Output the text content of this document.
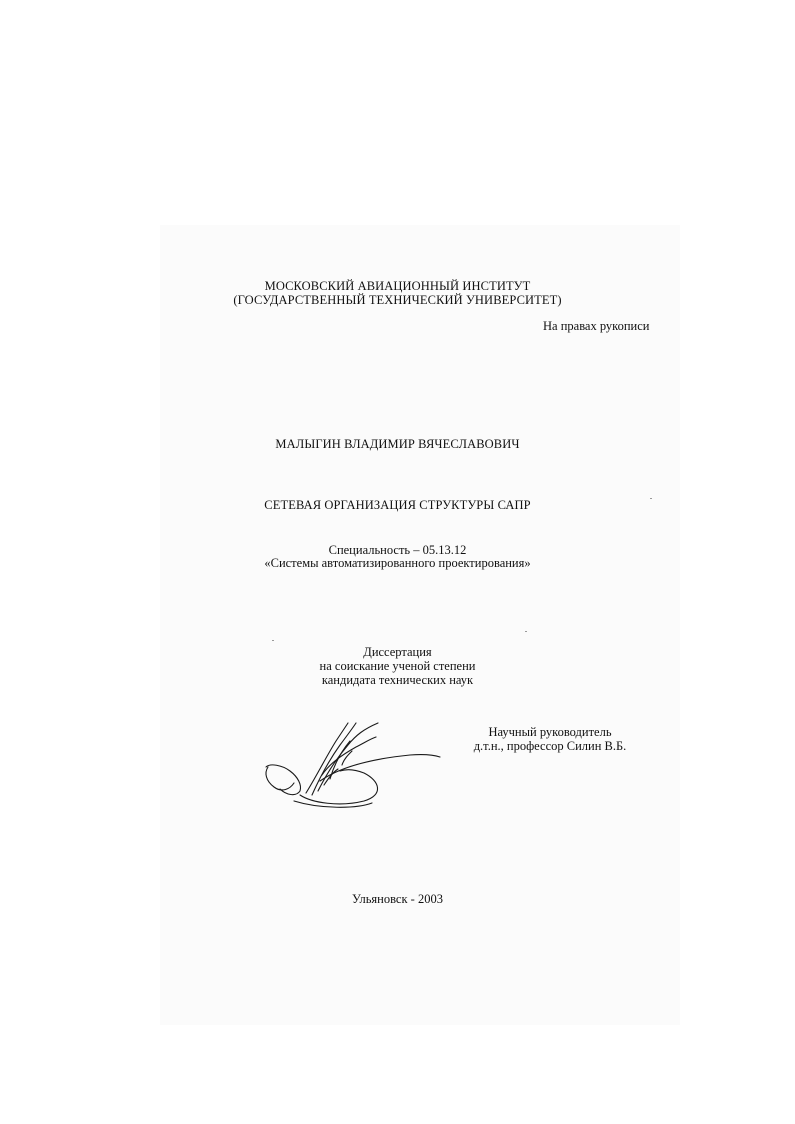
МОСКОВСКИЙ АВИАЦИОННЫЙ ИНСТИТУТ
(ГОСУДАРСТВЕННЫЙ ТЕХНИЧЕСКИЙ УНИВЕРСИТЕТ)
На правах рукописи
МАЛЫГИН ВЛАДИМИР ВЯЧЕСЛАВОВИЧ
СЕТЕВАЯ ОРГАНИЗАЦИЯ СТРУКТУРЫ САПР
Специальность – 05.13.12
«Системы автоматизированного проектирования»
Диссертация
на соискание ученой степени
кандидата технических наук
Научный руководитель
д.т.н., профессор Силин В.Б.
Ульяновск - 2003
